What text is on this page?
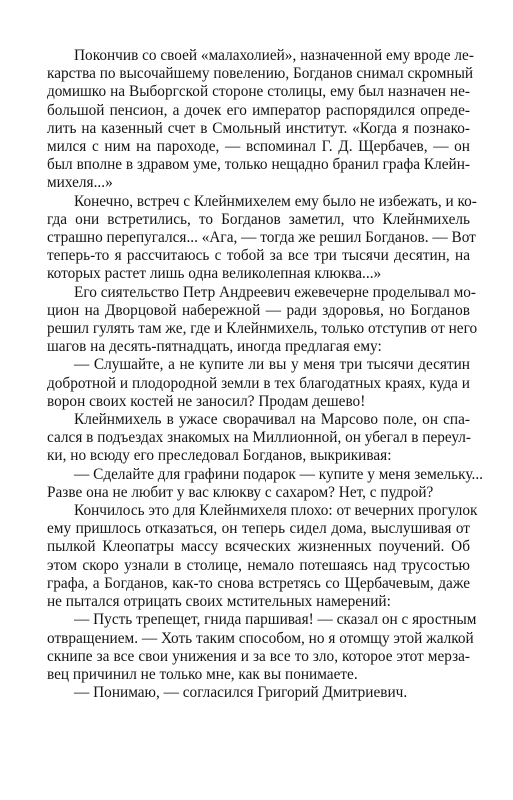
Покончив со своей «малахолией», назначенной ему вроде ле-
карства по высочайшему повелению, Богданов снимал скромный
домишко на Выборгской стороне столицы, ему был назначен не-
большой пенсион, а дочек его император распорядился опреде-
лить на казенный счет в Смольный институт. «Когда я познако-
мился с ним на пароходе, — вспоминал Г. Д. Щербачев, — он
был вполне в здравом уме, только нещадно бранил графа Клейн-
михеля...»
Конечно, встреч с Клейнмихелем ему было не избежать, и ко-
гда они встретились, то Богданов заметил, что Клейнмихель
страшно перепугался... «Ага, — тогда же решил Богданов. — Вот
теперь-то я рассчитаюсь с тобой за все три тысячи десятин, на
которых растет лишь одна великолепная клюква...»
Его сиятельство Петр Андреевич ежевечерне проделывал мо-
цион на Дворцовой набережной — ради здоровья, но Богданов
решил гулять там же, где и Клейнмихель, только отступив от него
шагов на десять-пятнадцать, иногда предлагая ему:
— Слушайте, а не купите ли вы у меня три тысячи десятин
добротной и плодородной земли в тех благодатных краях, куда и
ворон своих костей не заносил? Продам дешево!
Клейнмихель в ужасе сворачивал на Марсово поле, он спа-
сался в подъездах знакомых на Миллионной, он убегал в переул-
ки, но всюду его преследовал Богданов, выкрикивая:
— Сделайте для графини подарок — купите у меня земельку...
Разве она не любит у вас клюкву с сахаром? Нет, с пудрой?
Кончилось это для Клейнмихеля плохо: от вечерних прогулок
ему пришлось отказаться, он теперь сидел дома, выслушивая от
пылкой Клеопатры массу всяческих жизненных поучений. Об
этом скоро узнали в столице, немало потешаясь над трусостью
графа, а Богданов, как-то снова встретясь со Щербачевым, даже
не пытался отрицать своих мстительных намерений:
— Пусть трепещет, гнида паршивая! — сказал он с яростным
отвращением. — Хоть таким способом, но я отомщу этой жалкой
скнипе за все свои унижения и за все то зло, которое этот мерза-
вец причинил не только мне, как вы понимаете.
— Понимаю, — согласился Григорий Дмитриевич.
